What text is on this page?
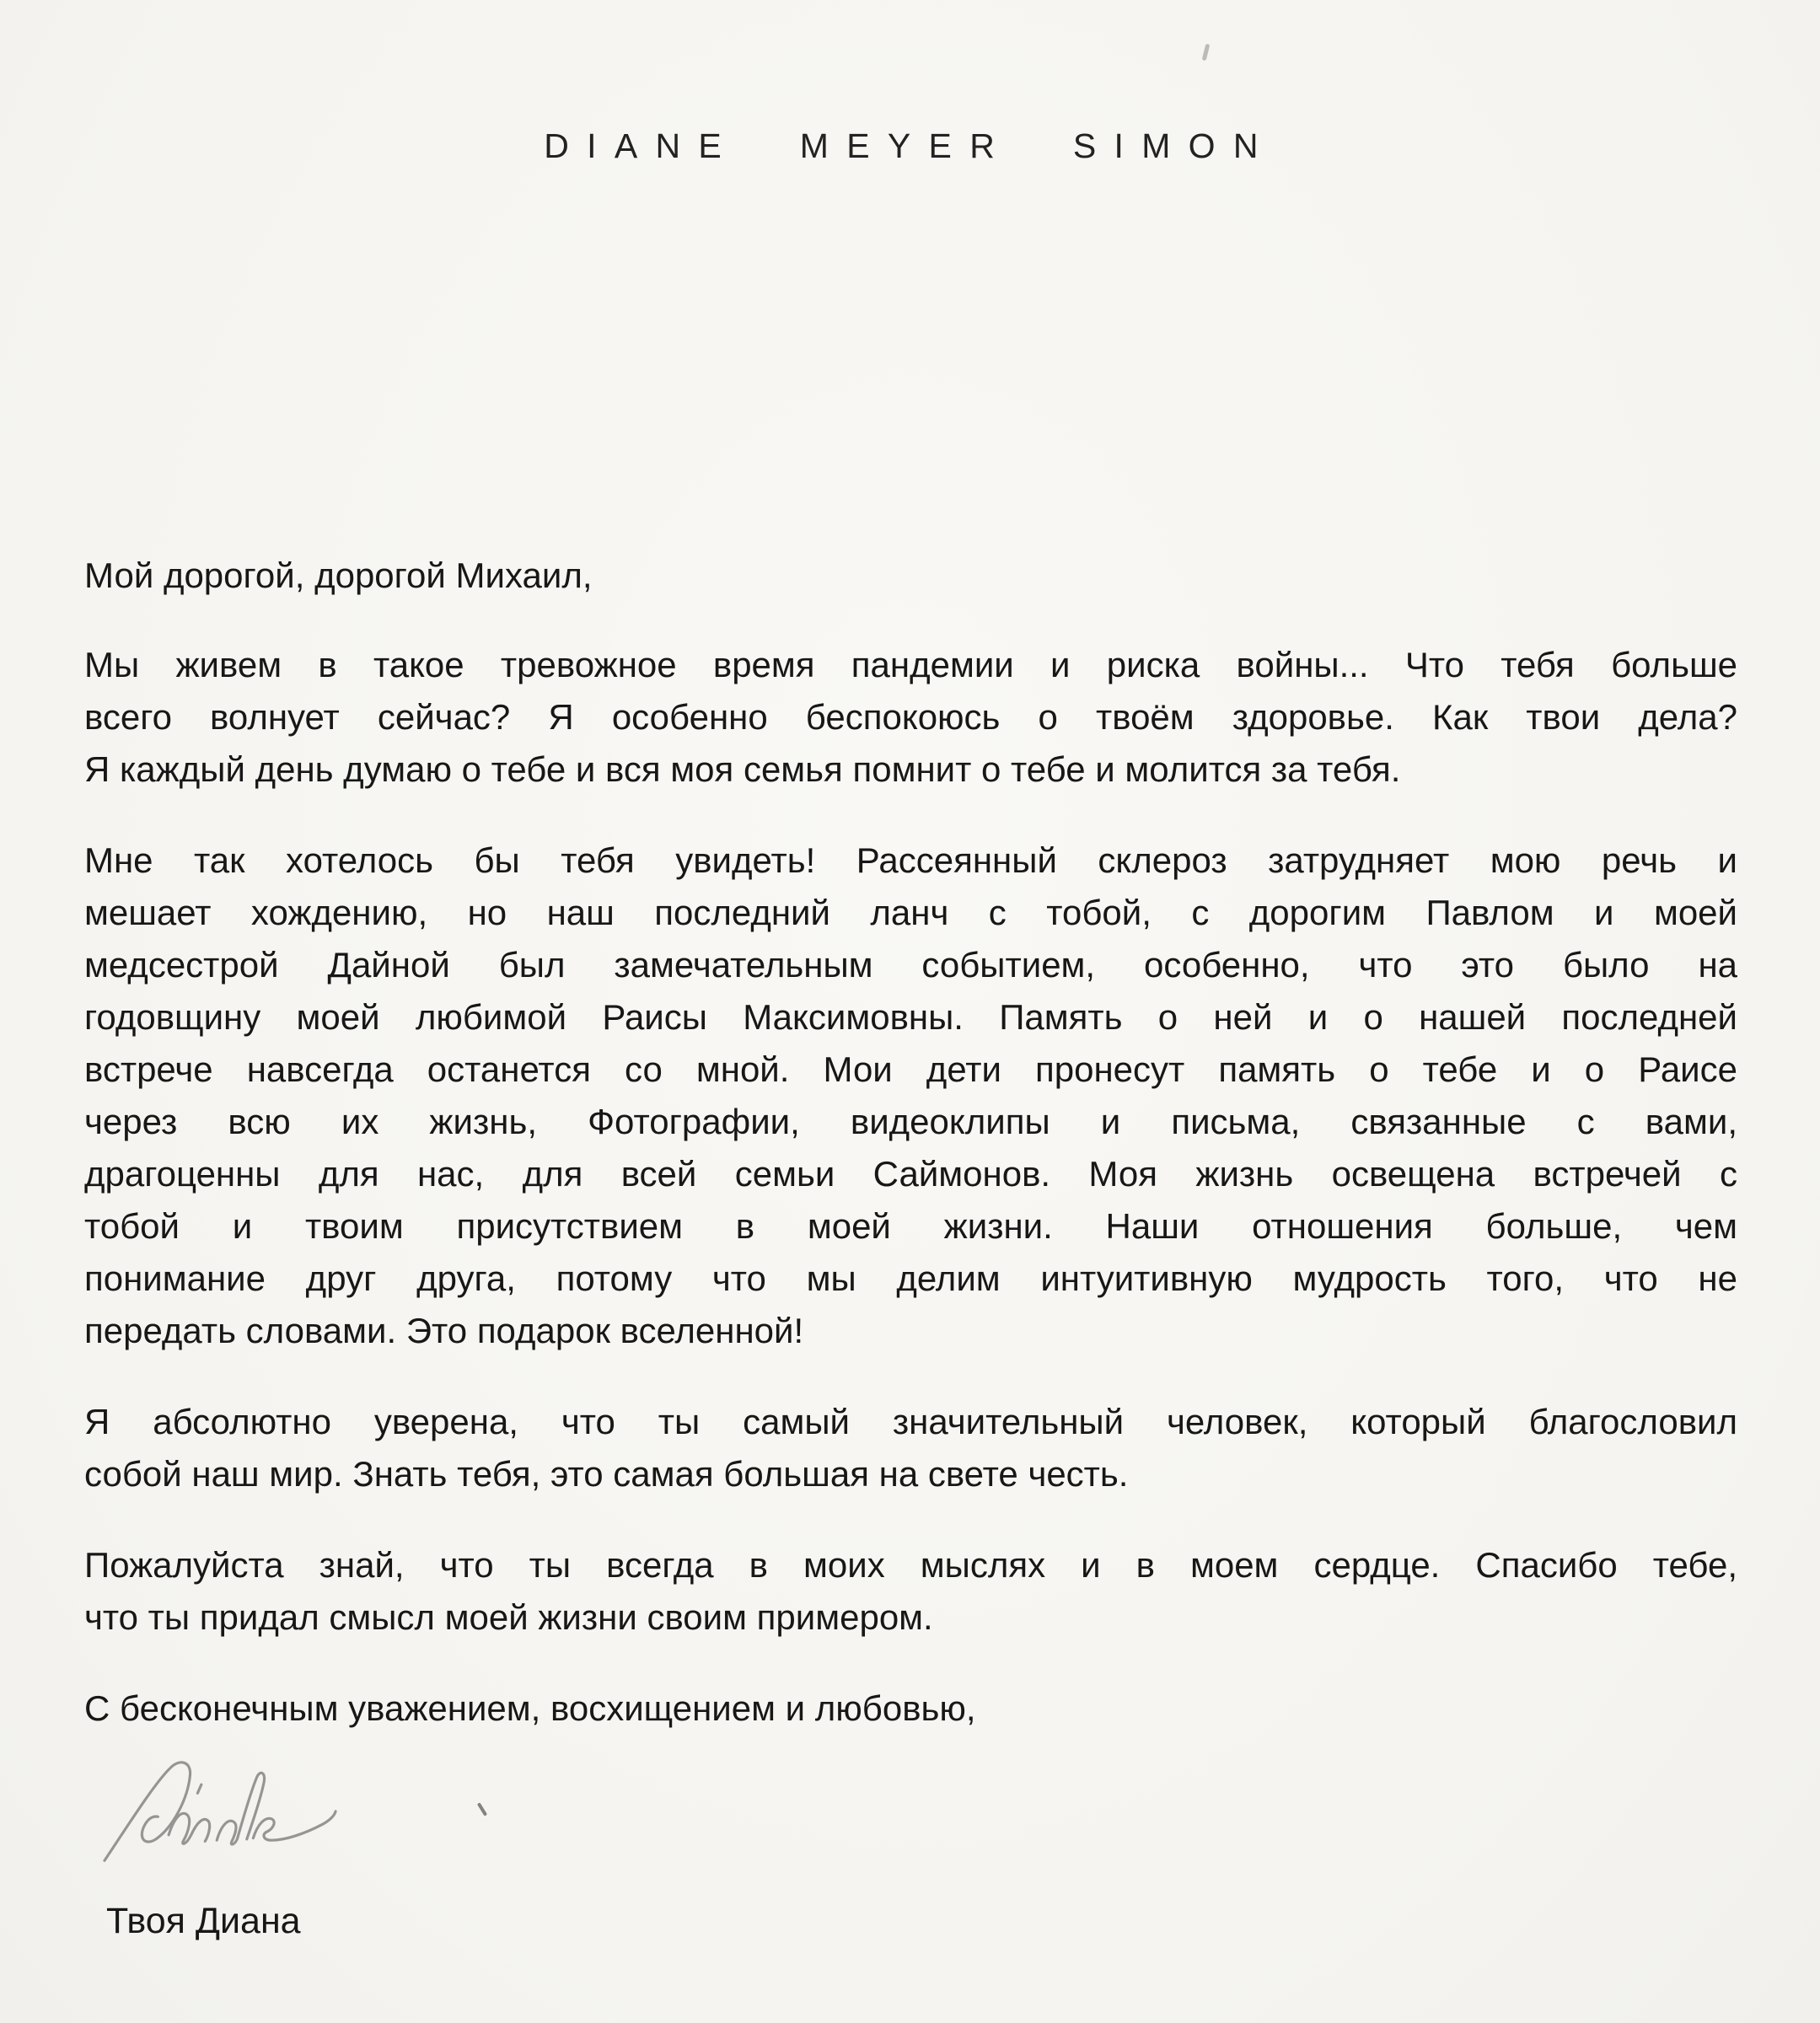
DIANE MEYER SIMON

Мой дорогой, дорогой Михаил,

Мы живем в такое тревожное время пандемии и риска войны... Что тебя больше
всего волнует сейчас? Я особенно беспокоюсь о твоём здоровье. Как твои дела?
Я каждый день думаю о тебе и вся моя семья помнит о тебе и молится за тебя.
Мне так хотелось бы тебя увидеть! Рассеянный склероз затрудняет мою речь и
мешает хождению, но наш последний ланч с тобой, с дорогим Павлом и моей
медсестрой Дайной был замечательным событием, особенно, что это было на
годовщину моей любимой Раисы Максимовны. Память о ней и о нашей последней
встрече навсегда останется со мной. Мои дети пронесут память о тебе и о Раисе
через всю их жизнь, Фотографии, видеоклипы и письма, связанные с вами,
драгоценны для нас, для всей семьи Саймонов. Моя жизнь освещена встречей с
тобой и твоим присутствием в моей жизни. Наши отношения больше, чем
понимание друг друга, потому что мы делим интуитивную мудрость того, что не
передать словами. Это подарок вселенной!
Я абсолютно уверена, что ты самый значительный человек, который благословил
собой наш мир. Знать тебя, это самая большая на свете честь.
Пожалуйста знай, что ты всегда в моих мыслях и в моем сердце. Спасибо тебе,
что ты придал смысл моей жизни своим примером.

С бесконечным уважением, восхищением и любовью,

Твоя Диана
